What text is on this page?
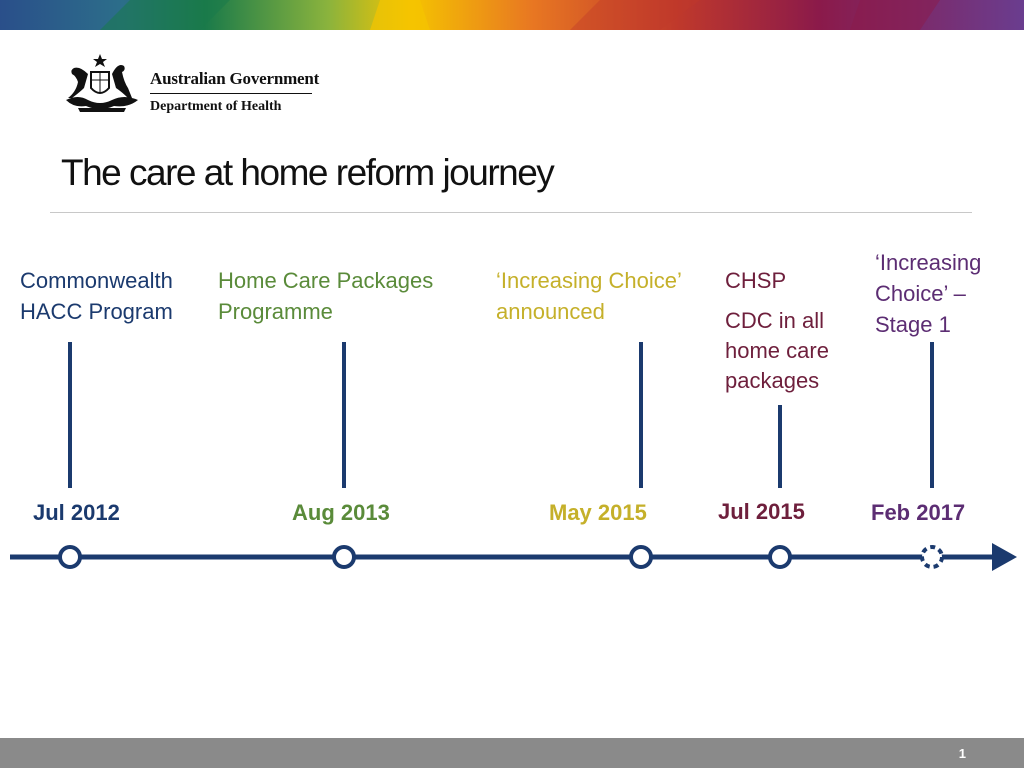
Australian Government
Department of Health
The care at home reform journey
Commonwealth
HACC Program
Home Care Packages
Programme
‘Increasing Choice’
announced
CHSP
CDC in all
home care
packages
‘Increasing
Choice’ –
Stage 1
Jul 2012	Aug 2013	May 2015	Jul 2015	Feb 2017
1
